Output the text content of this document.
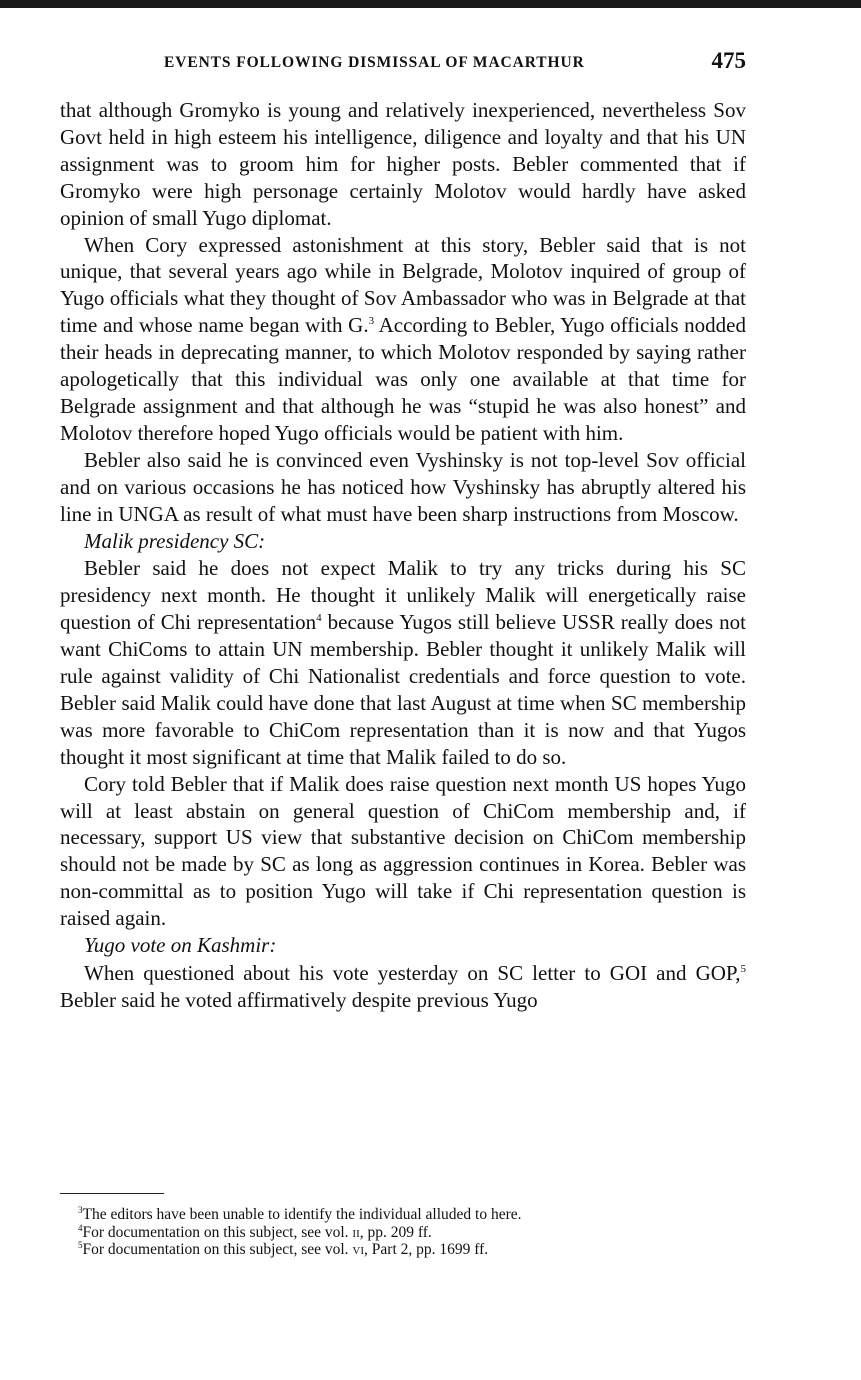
EVENTS FOLLOWING DISMISSAL OF MACARTHUR	475

that although Gromyko is young and relatively inexperienced, nevertheless Sov Govt held in high esteem his intelligence, diligence and loyalty and that his UN assignment was to groom him for higher posts. Bebler commented that if Gromyko were high personage certainly Molotov would hardly have asked opinion of small Yugo diplomat.

When Cory expressed astonishment at this story, Bebler said that is not unique, that several years ago while in Belgrade, Molotov inquired of group of Yugo officials what they thought of Sov Ambassador who was in Belgrade at that time and whose name began with G.$^3$ According to Bebler, Yugo officials nodded their heads in deprecating manner, to which Molotov responded by saying rather apologetically that this individual was only one available at that time for Belgrade assignment and that although he was “stupid he was also honest” and Molotov therefore hoped Yugo officials would be patient with him.

Bebler also said he is convinced even Vyshinsky is not top-level Sov official and on various occasions he has noticed how Vyshinsky has abruptly altered his line in UNGA as result of what must have been sharp instructions from Moscow.

Malik presidency SC:

Bebler said he does not expect Malik to try any tricks during his SC presidency next month. He thought it unlikely Malik will energetically raise question of Chi representation$^4$ because Yugos still believe USSR really does not want ChiComs to attain UN membership. Bebler thought it unlikely Malik will rule against validity of Chi Nationalist credentials and force question to vote. Bebler said Malik could have done that last August at time when SC membership was more favorable to ChiCom representation than it is now and that Yugos thought it most significant at time that Malik failed to do so.

Cory told Bebler that if Malik does raise question next month US hopes Yugo will at least abstain on general question of ChiCom membership and, if necessary, support US view that substantive decision on ChiCom membership should not be made by SC as long as aggression continues in Korea. Bebler was non-committal as to position Yugo will take if Chi representation question is raised again.

Yugo vote on Kashmir:

When questioned about his vote yesterday on SC letter to GOI and GOP,$^5$ Bebler said he voted affirmatively despite previous Yugo

$^3$The editors have been unable to identify the individual alluded to here.
$^4$For documentation on this subject, see vol. ii, pp. 209 ff.
$^5$For documentation on this subject, see vol. vi, Part 2, pp. 1699 ff.
